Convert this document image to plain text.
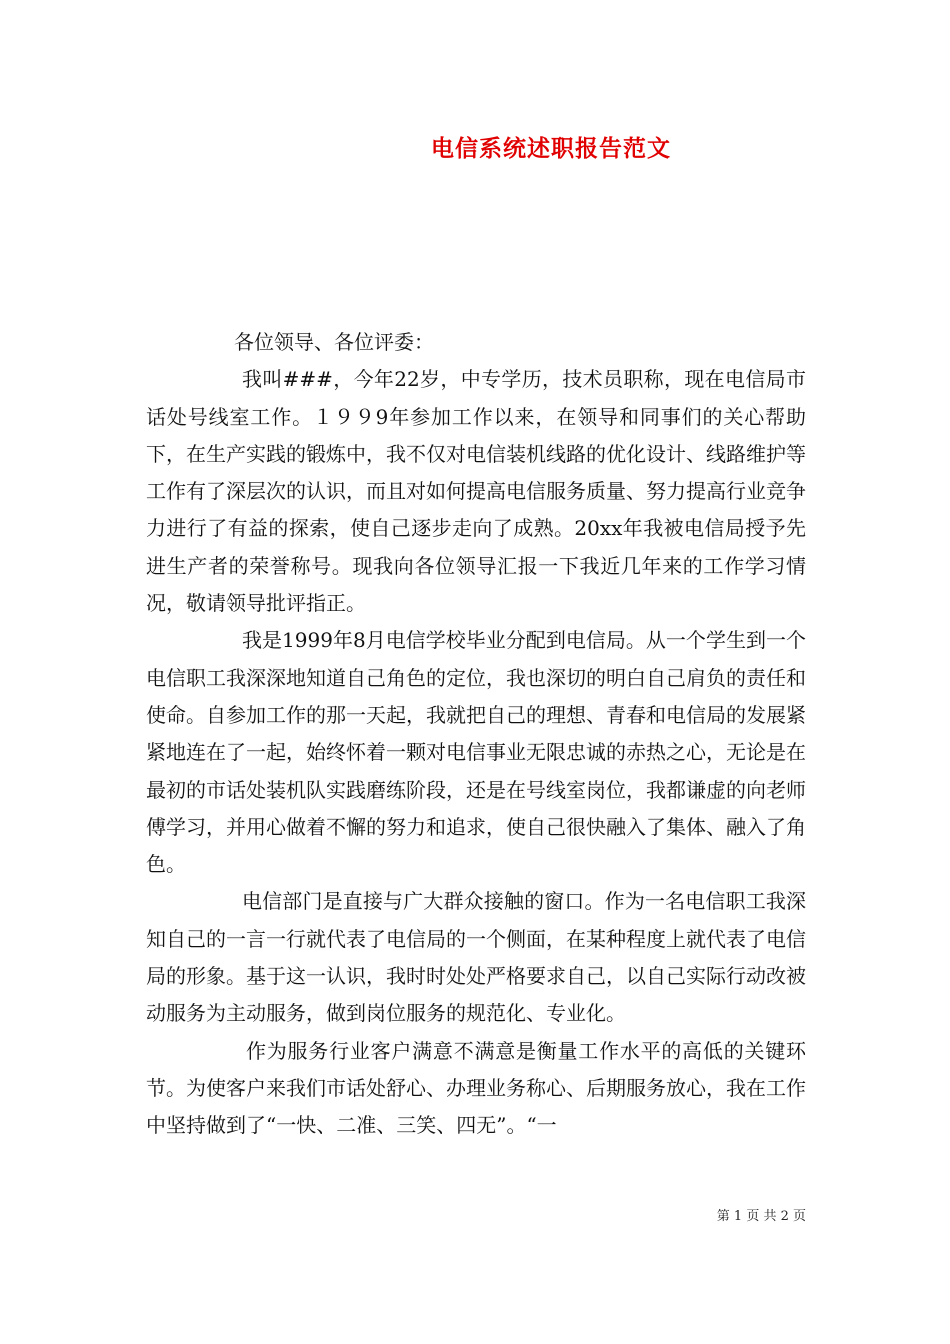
电信系统述职报告范文

各位领导、各位评委：

我叫###，今年22岁，中专学历，技术员职称，现在电信局市话处号线室工作。１９９9年参加工作以来，在领导和同事们的关心帮助下，在生产实践的锻炼中，我不仅对电信装机线路的优化设计、线路维护等工作有了深层次的认识，而且对如何提高电信服务质量、努力提高行业竞争力进行了有益的探索，使自己逐步走向了成熟。20xx年我被电信局授予先进生产者的荣誉称号。现我向各位领导汇报一下我近几年来的工作学习情况，敬请领导批评指正。

我是1999年8月电信学校毕业分配到电信局。从一个学生到一个电信职工我深深地知道自己角色的定位，我也深切的明白自己肩负的责任和使命。自参加工作的那一天起，我就把自己的理想、青春和电信局的发展紧紧地连在了一起，始终怀着一颗对电信事业无限忠诚的赤热之心，无论是在最初的市话处装机队实践磨练阶段，还是在号线室岗位，我都谦虚的向老师傅学习，并用心做着不懈的努力和追求，使自己很快融入了集体、融入了角色。

电信部门是直接与广大群众接触的窗口。作为一名电信职工我深知自己的一言一行就代表了电信局的一个侧面，在某种程度上就代表了电信局的形象。基于这一认识，我时时处处严格要求自己，以自己实际行动改被动服务为主动服务，做到岗位服务的规范化、专业化。

作为服务行业客户满意不满意是衡量工作水平的高低的关键环节。为使客户来我们市话处舒心、办理业务称心、后期服务放心，我在工作中坚持做到了“一快、二准、三笑、四无”。“一

第 1 页 共 2 页
